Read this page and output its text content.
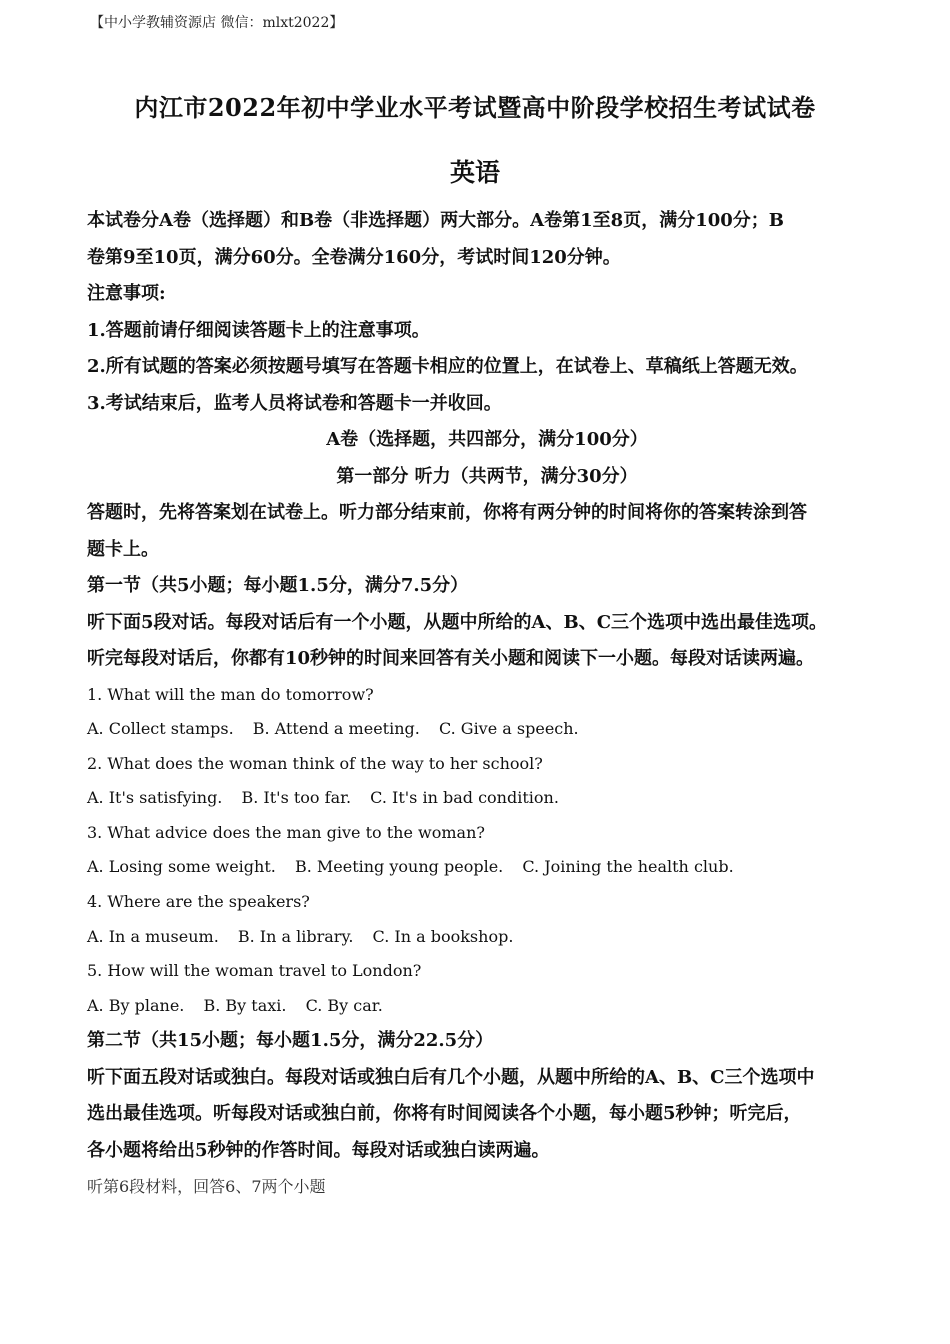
【中小学教辅资源店 微信：mlxt2022】
内江市2022年初中学业水平考试暨高中阶段学校招生考试试卷
英语

本试卷分A卷（选择题）和B卷（非选择题）两大部分。A卷第1至8页，满分100分；B

卷第9至10页，满分60分。全卷满分160分，考试时间120分钟。

注意事项:

1.答题前请仔细阅读答题卡上的注意事项。

2.所有试题的答案必须按题号填写在答题卡相应的位置上，在试卷上、草稿纸上答题无效。

3.考试结束后，监考人员将试卷和答题卡一并收回。

A卷（选择题，共四部分，满分100分）

第一部分 听力（共两节，满分30分）

答题时，先将答案划在试卷上。听力部分结束前，你将有两分钟的时间将你的答案转涂到答

题卡上。

第一节（共5小题；每小题1.5分，满分7.5分）

听下面5段对话。每段对话后有一个小题，从题中所给的A、B、C三个选项中选出最佳选项。

听完每段对话后，你都有10秒钟的时间来回答有关小题和阅读下一小题。每段对话读两遍。

1. What will the man do tomorrow?

A. Collect stamps. B. Attend a meeting. C. Give a speech.

2. What does the woman think of the way to her school?

A. It's satisfying. B. It's too far. C. It's in bad condition.

3. What advice does the man give to the woman?

A. Losing some weight. B. Meeting young people. C. Joining the health club.

4. Where are the speakers?

A. In a museum. B. In a library. C. In a bookshop.

5. How will the woman travel to London?

A. By plane. B. By taxi. C. By car.

第二节（共15小题；每小题1.5分，满分22.5分）

听下面五段对话或独白。每段对话或独白后有几个小题，从题中所给的A、B、C三个选项中

选出最佳选项。听每段对话或独白前，你将有时间阅读各个小题，每小题5秒钟；听完后，

各小题将给出5秒钟的作答时间。每段对话或独白读两遍。

听第6段材料，回答6、7两个小题
